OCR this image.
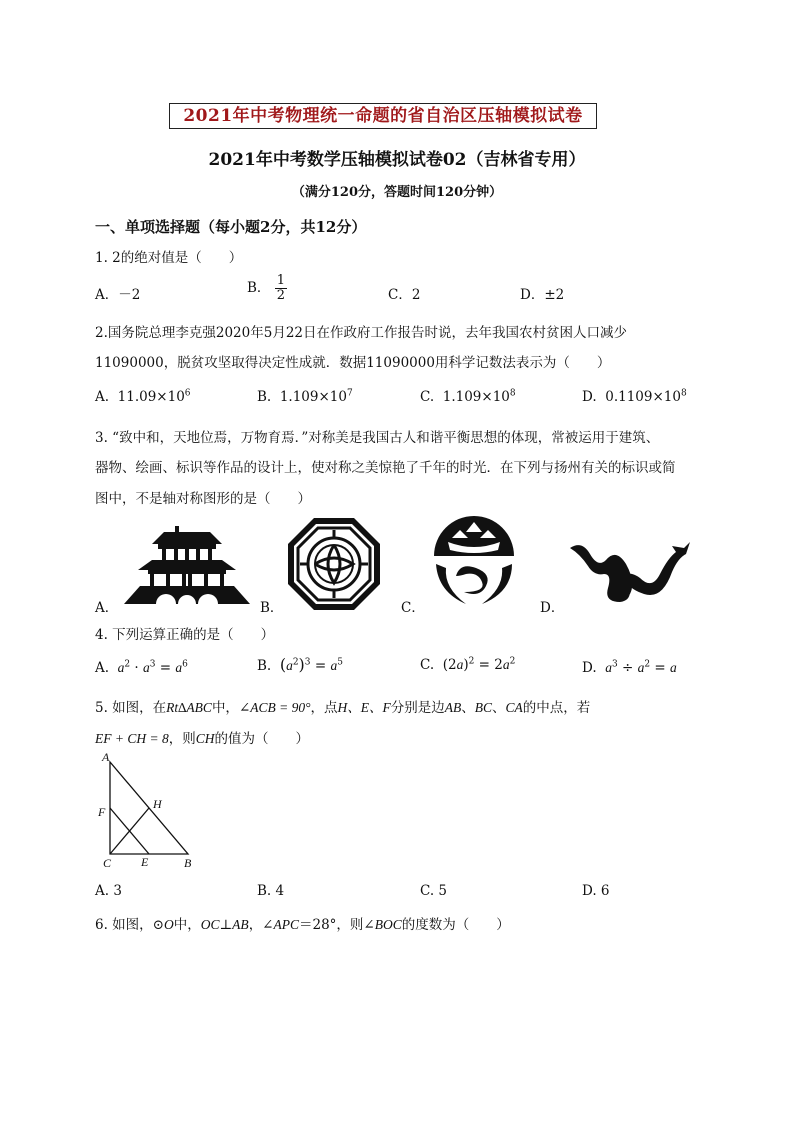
2021年中考物理统一命题的省自治区压轴模拟试卷
2021年中考数学压轴模拟试卷02（吉林省专用）
（满分120分，答题时间120分钟）
一、单项选择题（每小题2分，共12分）
1. 2的绝对值是（　　）
A．－2	B． $\frac{1}{2}$	C．2	D．±2
2.国务院总理李克强2020年5月22日在作政府工作报告时说，去年我国农村贫困人口减少
11090000，脱贫攻坚取得决定性成就．数据11090000用科学记数法表示为（　　）
A. $11.09\times 10^6$	B. $1.109\times 10^7$	C. $1.109\times 10^8$	D. $0.1109\times 10^8$
3. “致中和，天地位焉，万物育焉．”对称美是我国古人和谐平衡思想的体现，常被运用于建筑、
器物、绘画、标识等作品的设计上，使对称之美惊艳了千年的时光．在下列与扬州有关的标识或简
图中，不是轴对称图形的是（　　）
A．	B．	C．	D．
4. 下列运算正确的是（　　）
A. $a^2 \cdot a^3 = a^6$	B. $(a^2)^3 = a^5$	C.  $(2a)^2 = 2a^2$	D. $a^3 \div a^2 = a$
5. 如图，在Rt∆ABC中，∠ACB = 90°，点H、E、F分别是边AB、BC、CA的中点，若
EF + CH = 8，则CH的值为（　　）
A
F
H
C E	B
A. 3	B. 4	C. 5	D. 6
6. 如图，⊙O中，OC⊥AB，∠APC＝28°，则∠BOC的度数为（　　）
